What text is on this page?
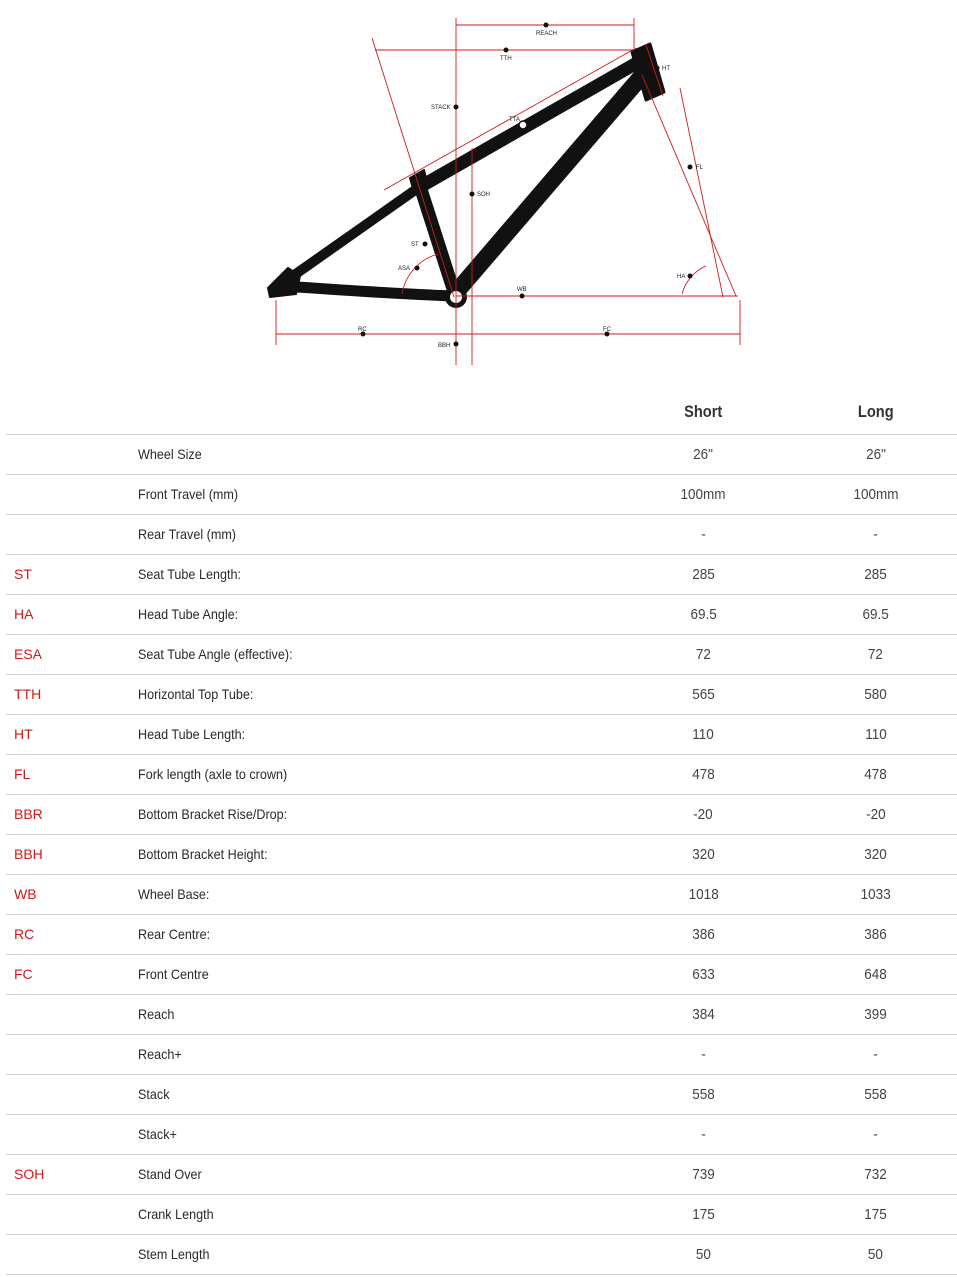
REACH
TTH
HT
STACK
TTA
FL
SOH
ST
ASA
WB
HA
RC	FC
BBH
		Short	Long
	Wheel Size	26"	26"
	Front Travel (mm)	100mm	100mm
	Rear Travel (mm)	-	-
ST	Seat Tube Length:	285	285
HA	Head Tube Angle:	69.5	69.5
ESA	Seat Tube Angle (effective):	72	72
TTH	Horizontal Top Tube:	565	580
HT	Head Tube Length:	110	110
FL	Fork length (axle to crown)	478	478
BBR	Bottom Bracket Rise/Drop:	-20	-20
BBH	Bottom Bracket Height:	320	320
WB	Wheel Base:	1018	1033
RC	Rear Centre:	386	386
FC	Front Centre	633	648
	Reach	384	399
	Reach+	-	-
	Stack	558	558
	Stack+	-	-
SOH	Stand Over	739	732
	Crank Length	175	175
	Stem Length	50	50
